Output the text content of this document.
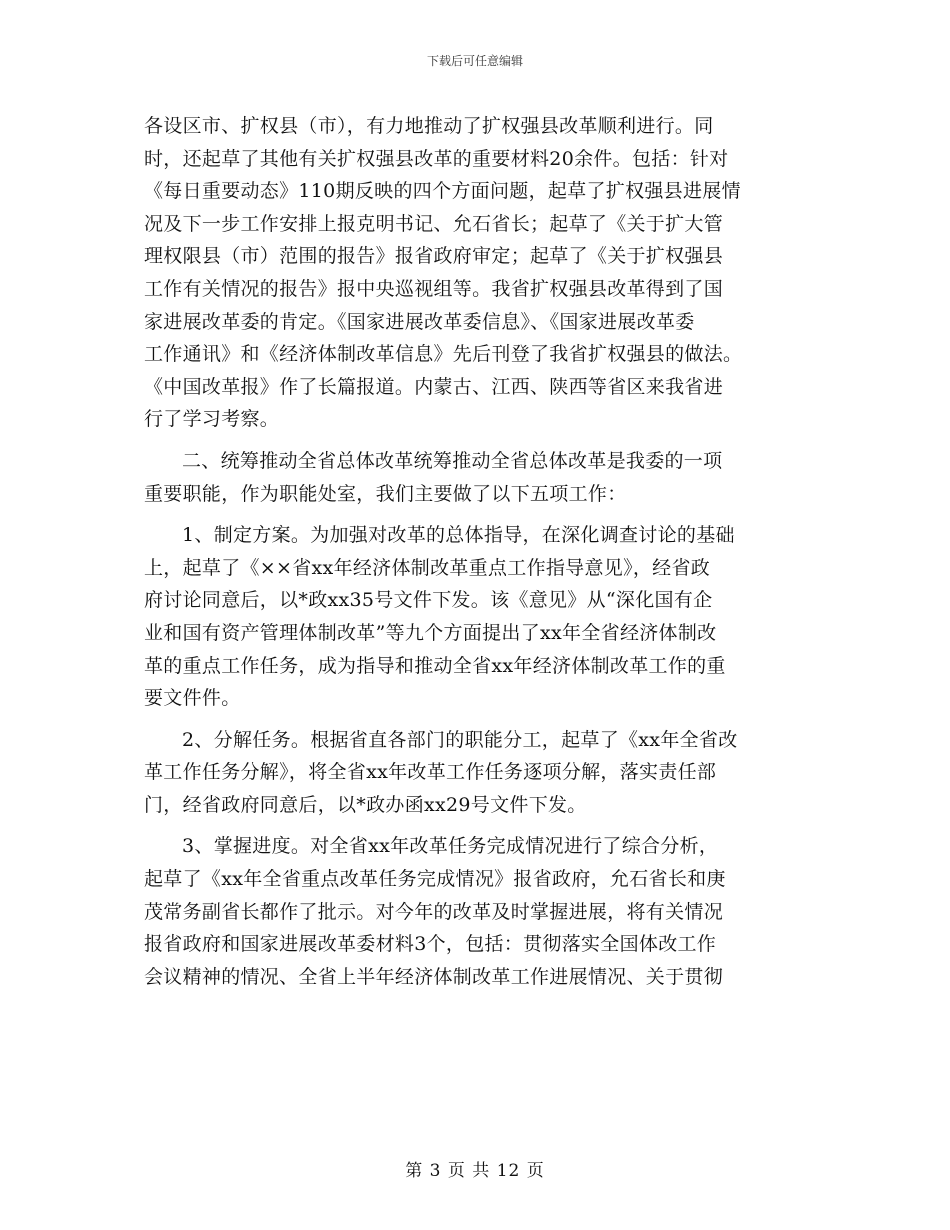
下载后可任意编辑
各设区市、扩权县（市），有力地推动了扩权强县改革顺利进行。同
时，还起草了其他有关扩权强县改革的重要材料20余件。包括：针对
《每日重要动态》110期反映的四个方面问题，起草了扩权强县进展情
况及下一步工作安排上报克明书记、允石省长；起草了《关于扩大管
理权限县（市）范围的报告》报省政府审定；起草了《关于扩权强县
工作有关情况的报告》报中央巡视组等。我省扩权强县改革得到了国
家进展改革委的肯定。《国家进展改革委信息》、《国家进展改革委
工作通讯》和《经济体制改革信息》先后刊登了我省扩权强县的做法。
《中国改革报》作了长篇报道。内蒙古、江西、陕西等省区来我省进
行了学习考察。
二、统筹推动全省总体改革统筹推动全省总体改革是我委的一项
重要职能，作为职能处室，我们主要做了以下五项工作：
1、制定方案。为加强对改革的总体指导，在深化调查讨论的基础
上，起草了《××省xx年经济体制改革重点工作指导意见》，经省政
府讨论同意后，以*政xx35号文件下发。该《意见》从“深化国有企
业和国有资产管理体制改革”等九个方面提出了xx年全省经济体制改
革的重点工作任务，成为指导和推动全省xx年经济体制改革工作的重
要文件件。
2、分解任务。根据省直各部门的职能分工，起草了《xx年全省改
革工作任务分解》，将全省xx年改革工作任务逐项分解，落实责任部
门，经省政府同意后，以*政办函xx29号文件下发。
3、掌握进度。对全省xx年改革任务完成情况进行了综合分析，
起草了《xx年全省重点改革任务完成情况》报省政府，允石省长和庚
茂常务副省长都作了批示。对今年的改革及时掌握进展，将有关情况
报省政府和国家进展改革委材料3个，包括：贯彻落实全国体改工作
会议精神的情况、全省上半年经济体制改革工作进展情况、关于贯彻
第 3 页 共 12 页
